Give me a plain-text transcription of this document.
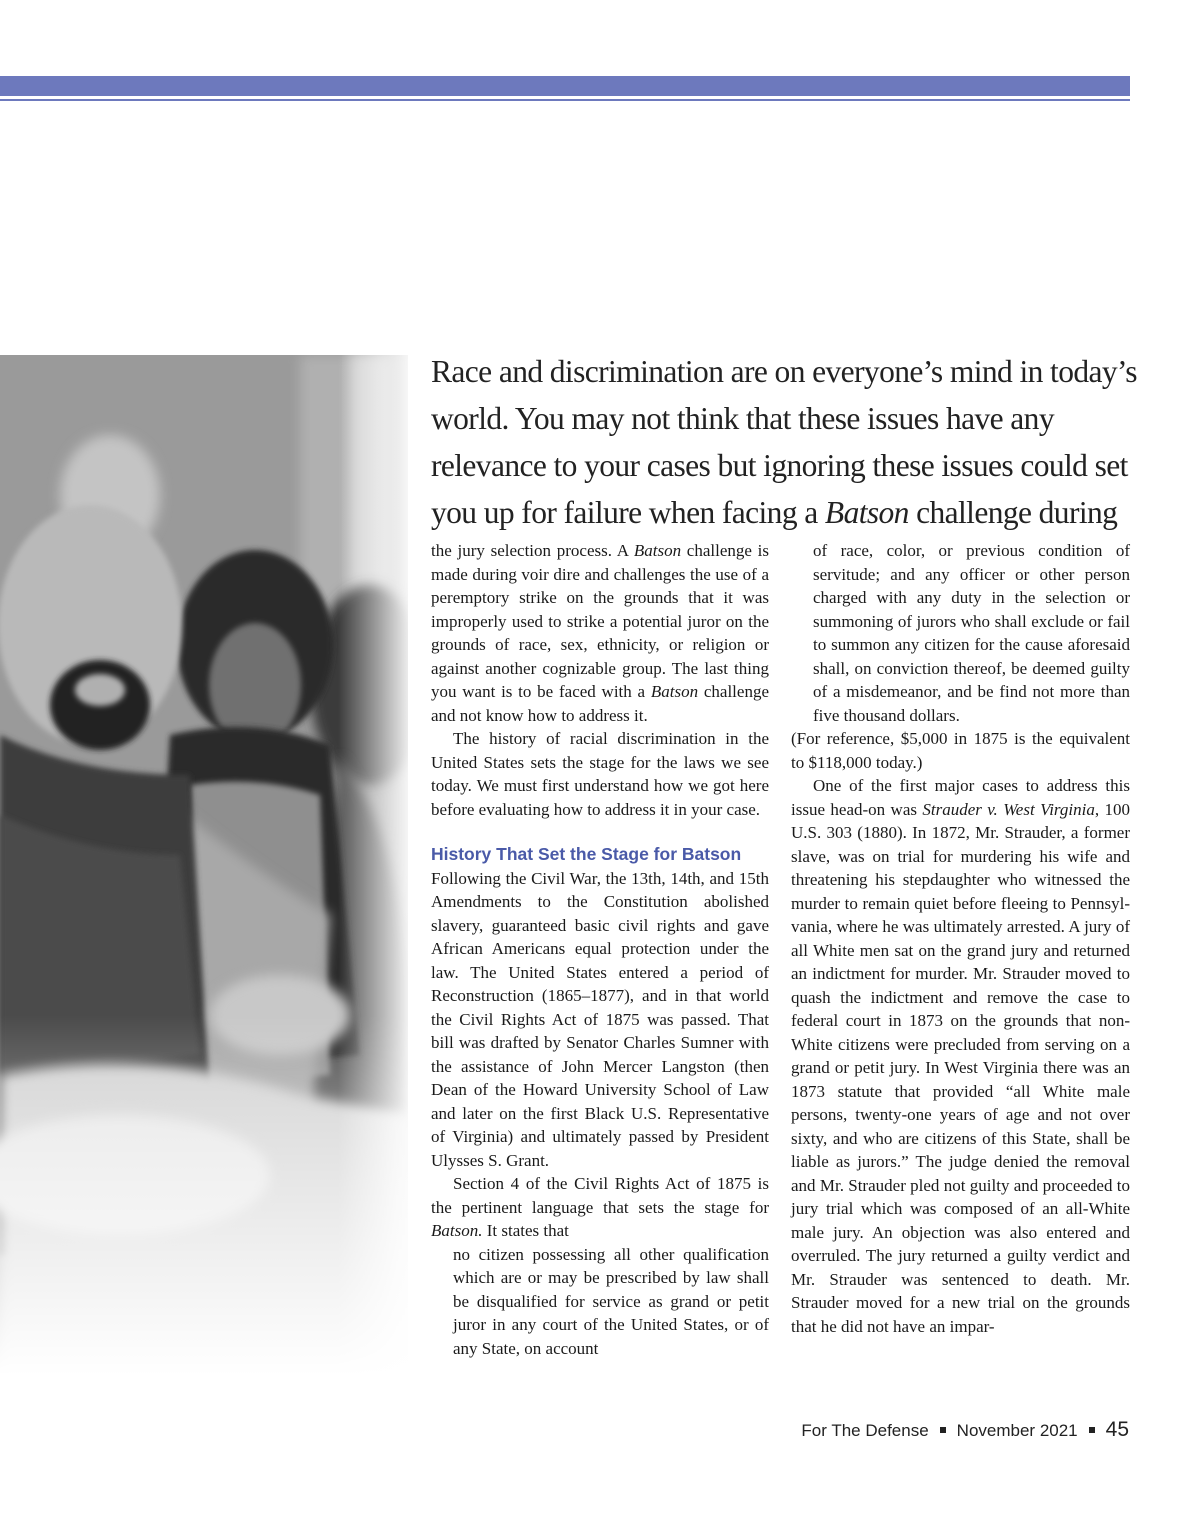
Race and discrimination are on everyone’s mind in today’s
world. You may not think that these issues have any
relevance to your cases but ignoring these issues could set
you up for failure when facing a Batson challenge during

the jury selection process. A Batson challenge is made during voir dire and challenges the use of a peremptory strike on the grounds that it was improperly used to strike a potential juror on the grounds of race, sex, ethnicity, or religion or against another cognizable group. The last thing you want is to be faced with a Batson challenge and not know how to address it.

The history of racial discrimination in the United States sets the stage for the laws we see today. We must first understand how we got here before evaluating how to address it in your case.

History That Set the Stage for Batson

Following the Civil War, the 13th, 14th, and 15th Amendments to the Constitution abolished slavery, guaranteed basic civil rights and gave African Americans equal protection under the law. The United States entered a period of Reconstruction (1865–1877), and in that world the Civil Rights Act of 1875 was passed. That bill was drafted by Senator Charles Sumner with the assistance of John Mercer Langston (then Dean of the Howard University School of Law and later on the first Black U.S. Representative of Virginia) and ultimately passed by President Ulysses S. Grant.

Section 4 of the Civil Rights Act of 1875 is the pertinent language that sets the stage for Batson. It states that

no citizen possessing all other qualification which are or may be prescribed by law shall be disqualified for service as grand or petit juror in any court of the United States, or of any State, on account
of race, color, or previous condition of servitude; and any officer or other person charged with any duty in the selection or summoning of jurors who shall exclude or fail to summon any citizen for the cause aforesaid shall, on conviction thereof, be deemed guilty of a misdemeanor, and be find not more than five thousand dollars.

(For reference, $5,000 in 1875 is the equivalent to $118,000 today.)

One of the first major cases to address this issue head-on was Strauder v. West Virginia, 100 U.S. 303 (1880). In 1872, Mr. Strauder, a former slave, was on trial for murdering his wife and threatening his stepdaughter who witnessed the murder to remain quiet before fleeing to Pennsylvania, where he was ultimately arrested. A jury of all White men sat on the grand jury and returned an indictment for murder. Mr. Strauder moved to quash the indictment and remove the case to federal court in 1873 on the grounds that non-White citizens were precluded from serving on a grand or petit jury. In West Virginia there was an 1873 statute that provided “all White male persons, twenty-one years of age and not over sixty, and who are citizens of this State, shall be liable as jurors.” The judge denied the removal and Mr. Strauder pled not guilty and proceeded to jury trial which was composed of an all-White male jury. An objection was also entered and overruled. The jury returned a guilty verdict and Mr. Strauder was sentenced to death. Mr. Strauder moved for a new trial on the grounds that he did not have an impar-

For The Defense November 2021 45
